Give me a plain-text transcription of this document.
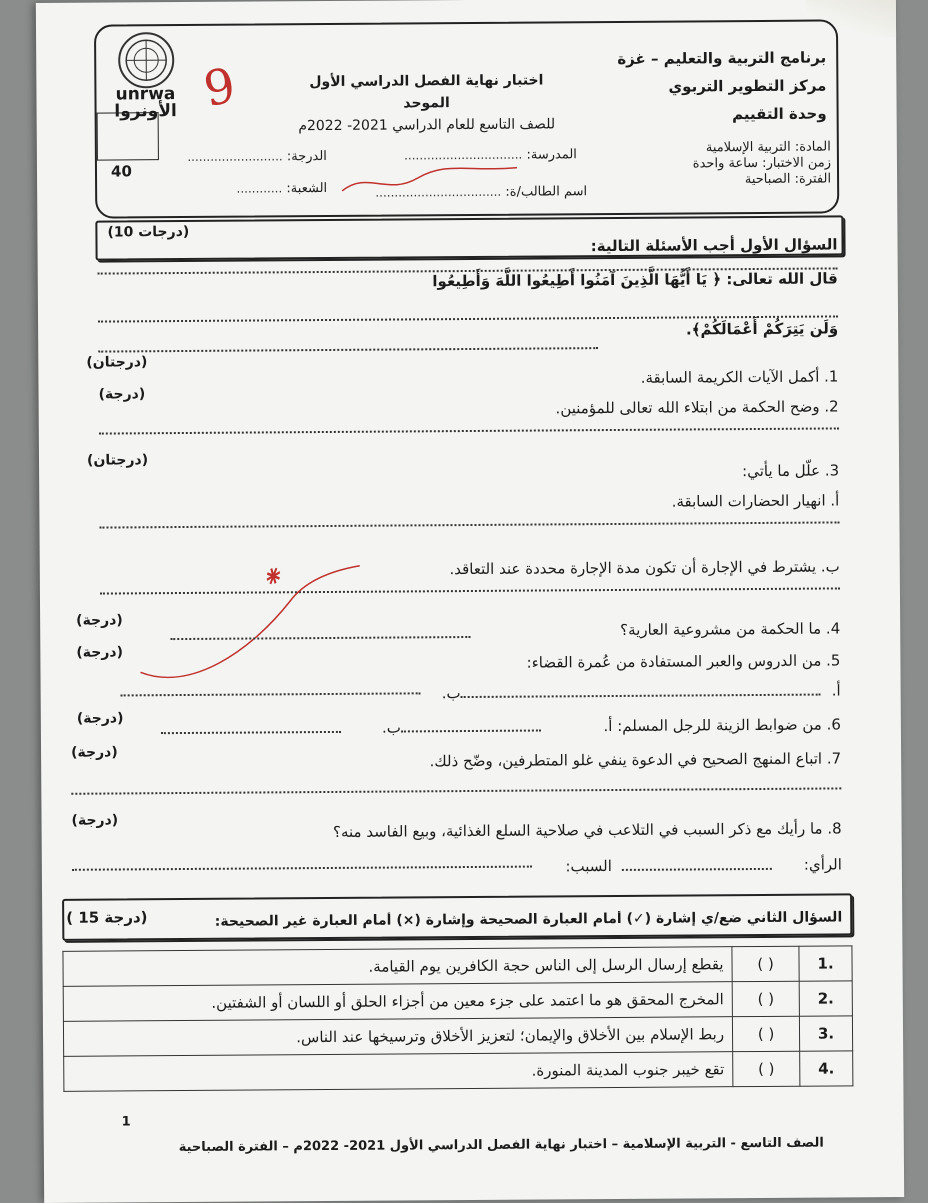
unrwa
الأونروا
40
9	برنامج التربية والتعليم – غزة
مركز التطوير التربوي
وحدة التقييم
اختبار نهاية الفصل الدراسي الأول الموحد
للصف التاسع للعام الدراسي 2021- 2022م
المادة: التربية الإسلامية
زمن الاختبار: ساعة واحدة
الفترة: الصباحية
المدرسة: ...............................
الدرجة: .........................
اسم الطالب/ة: .................................
الشعبة: ............
السؤال الأول أجب الأسئلة التالية:
(10 درجات)
قال الله تعالى: ﴿ يَا أَيُّهَا الَّذِينَ آمَنُوا أَطِيعُوا اللَّهَ وَأَطِيعُوا
وَلَن يَتِرَكُمْ أَعْمَالَكُمْ﴾.
(درجتان)
1. أكمل الآيات الكريمة السابقة.
(درجة)
2. وضح الحكمة من ابتلاء الله تعالى للمؤمنين.
(درجتان)
3. علّل ما يأتي:
أ. انهيار الحضارات السابقة.
ب. يشترط في الإجارة أن تكون مدة الإجارة محددة عند التعاقد.
⁕
(درجة)	4. ما الحكمة من مشروعية العارية؟
(درجة)	5. من الدروس والعبر المستفادة من عُمرة القضاء:
أ.
ب.
(درجة)	6. من ضوابط الزينة للرجل المسلم: أ.
ب.
(درجة)	7. اتباع المنهج الصحيح في الدعوة ينفي غلو المتطرفين، وضّح ذلك.
(درجة)	8. ما رأيك مع ذكر السبب في التلاعب في صلاحية السلع الغذائية، وبيع الفاسد منه؟
الرأي:
السبب:
السؤال الثاني ضع/ي إشارة (✓) أمام العبارة الصحيحة وإشارة (×) أمام العبارة غير الصحيحة:
( 15 درجة)
.1	( )	يقطع إرسال الرسل إلى الناس حجة الكافرين يوم القيامة.
.2	( )	المخرج المحقق هو ما اعتمد على جزء معين من أجزاء الحلق أو اللسان أو الشفتين.
.3	( )	ربط الإسلام بين الأخلاق والإيمان؛ لتعزيز الأخلاق وترسيخها عند الناس.
.4	( )	تقع خيبر جنوب المدينة المنورة.
الصف التاسع - التربية الإسلامية – اختبار نهاية الفصل الدراسي الأول 2021- 2022م – الفترة الصباحية
1
